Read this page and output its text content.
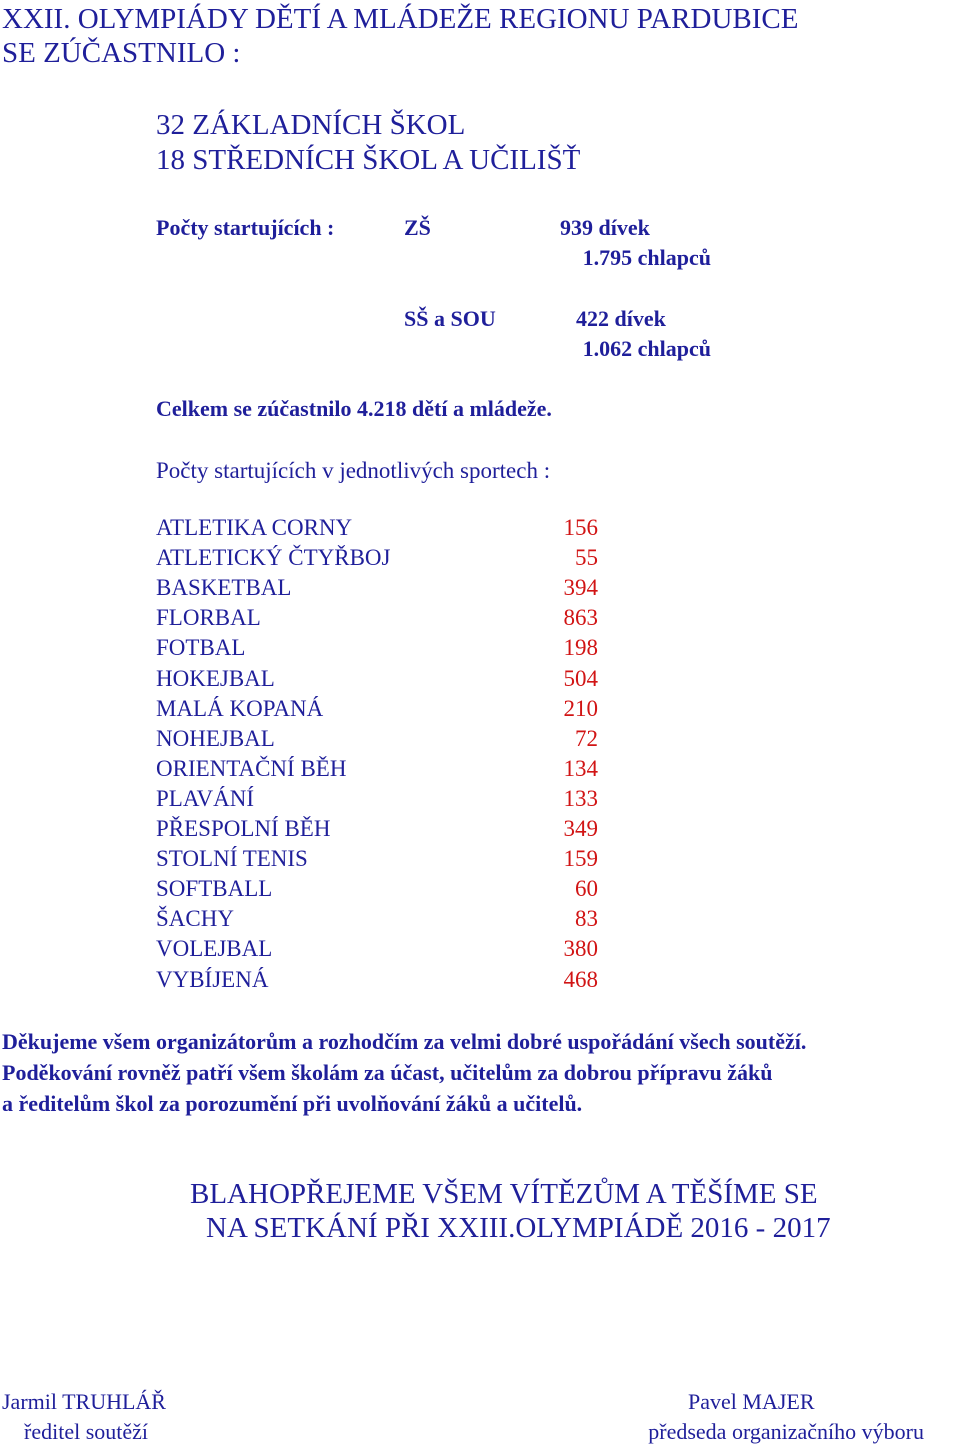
XXII. OLYMPIÁDY DĚTÍ A MLÁDEŽE REGIONU PARDUBICE
SE ZÚČASTNILO :
32 ZÁKLADNÍCH ŠKOL
18 STŘEDNÍCH ŠKOL A UČILIŠŤ
Počty startujících :	ZŠ	939 dívek
1.795 chlapců
SŠ a SOU	422 dívek
1.062 chlapců
Celkem se zúčastnilo 4.218 dětí a mládeže.
Počty startujících v jednotlivých sportech :
ATLETIKA CORNY	156
ATLETICKÝ ČTYŘBOJ	55
BASKETBAL	394
FLORBAL	863
FOTBAL	198
HOKEJBAL	504
MALÁ KOPANÁ	210
NOHEJBAL	72
ORIENTAČNÍ BĚH	134
PLAVÁNÍ	133
PŘESPOLNÍ BĚH	349
STOLNÍ TENIS	159
SOFTBALL	60
ŠACHY	83
VOLEJBAL	380
VYBÍJENÁ	468
Děkujeme všem organizátorům a rozhodčím za velmi dobré uspořádání všech soutěží.
Poděkování rovněž patří všem školám za účast, učitelům za dobrou přípravu žáků
a ředitelům škol za porozumění při uvolňování žáků a učitelů.
BLAHOPŘEJEME VŠEM VÍTĚZŮM A TĚŠÍME SE
NA SETKÁNÍ PŘI XXIII.OLYMPIÁDĚ 2016 - 2017
Jarmil TRUHLÁŘ
ředitel soutěží
Pavel MAJER
předseda organizačního výboru
